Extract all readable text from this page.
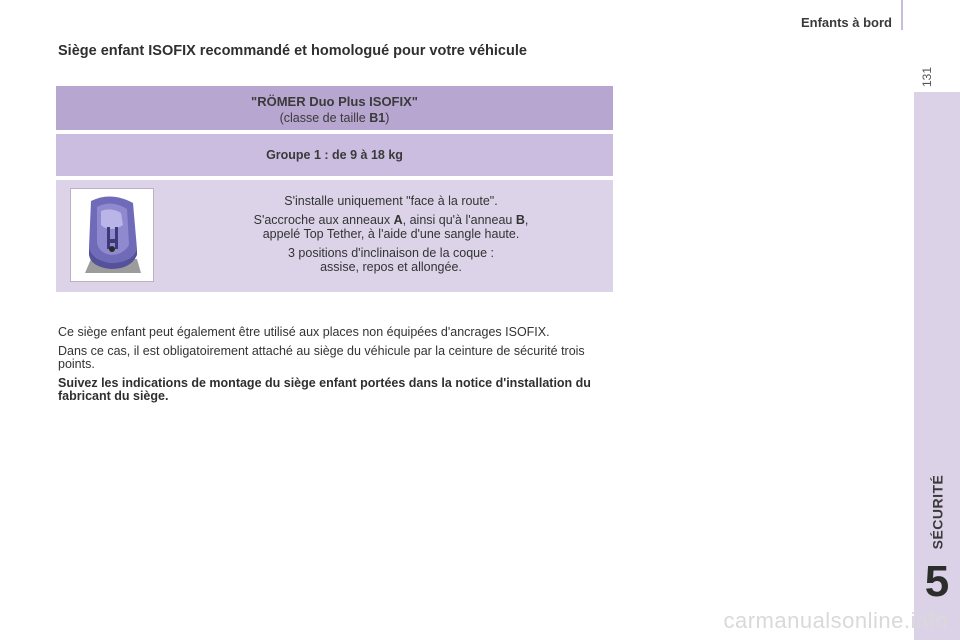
Enfants à bord
131
SÉCURITÉ
5
Siège enfant ISOFIX recommandé et homologué pour votre véhicule
"RÖMER Duo Plus ISOFIX"
(classe de taille B1)
Groupe 1 : de 9 à 18 kg

S'installe uniquement "face à la route".

S'accroche aux anneaux A, ainsi qu'à l'anneau B,
appelé Top Tether, à l'aide d'une sangle haute.

3 positions d'inclinaison de la coque :
assise, repos et allongée.

Ce siège enfant peut également être utilisé aux places non équipées d'ancrages ISOFIX.

Dans ce cas, il est obligatoirement attaché au siège du véhicule par la ceinture de sécurité trois points.

Suivez les indications de montage du siège enfant portées dans la notice d'installation du fabricant du siège.

carmanualsonline.info
